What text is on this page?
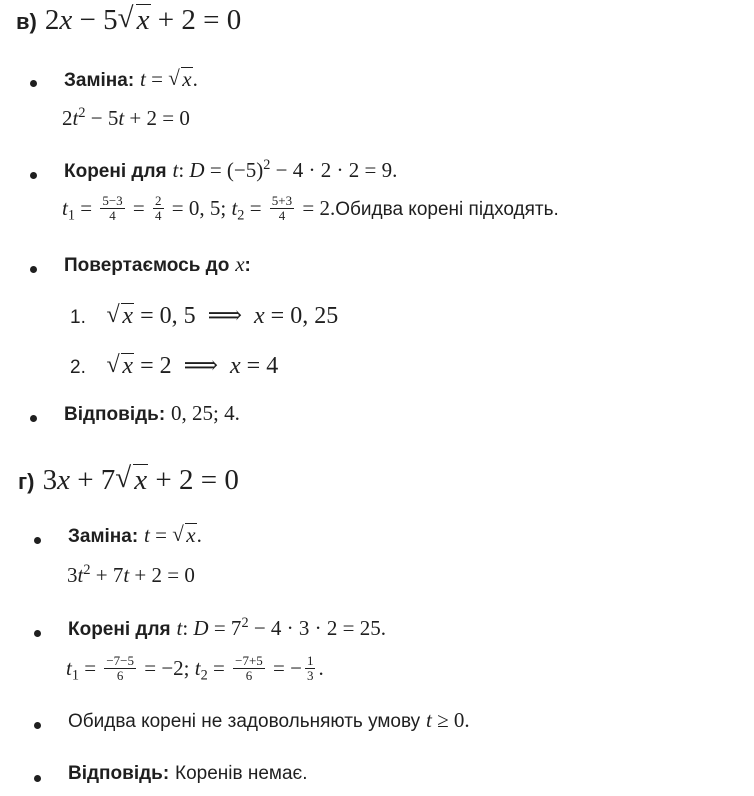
в) 2x − 5 √ x + 2 = 0
Заміна: t = √ x.
$2t^2 - 5t + 2 = 0$
Корені для t: $D = (-5)^2 - 4 \cdot 2 \cdot 2 = 9$.
$t_1 = \frac{5-3}{4} = \frac{2}{4} = 0$, 5; $t_2 = \frac{5+3}{4}$ = 2.Обидва корені підходять.
Повертаємось до x:
1. √ x = 0, 5  ⟹  x = 0, 25
2. √ x = 2  ⟹  x = 4
Відповідь: 0, 25; 4.
г) 3x + 7 √ x + 2 = 0
Заміна: t = √ x.
$3t^2 + 7t + 2 = 0$
Корені для t: $D = 7^2 - 4 \cdot 3 \cdot 2 = 25$.
$t_1 = \frac{-7-5}{6} = -2$; $t_2 = \frac{-7+5}{6}$ = − $\frac{1}{3}$ .
Обидва корені не задовольняють умову t ≥ 0.
Відповідь: Коренів немає.
